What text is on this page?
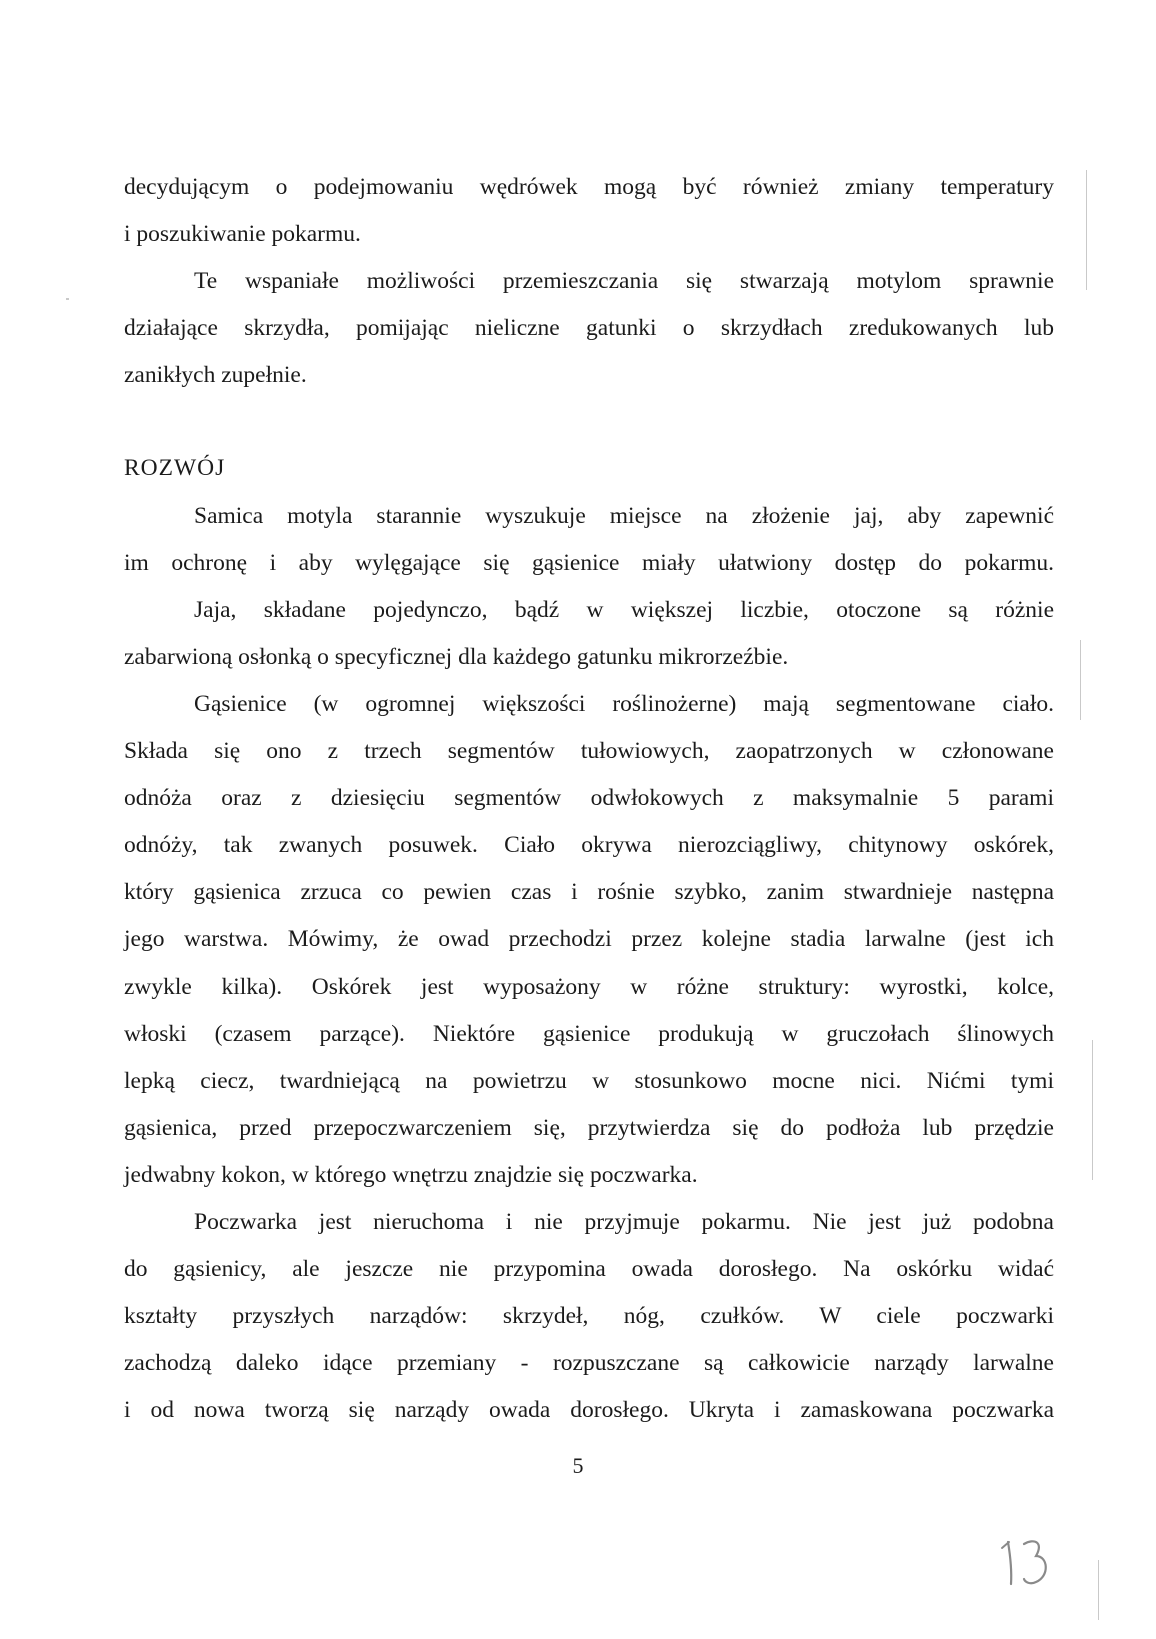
decydującym o podejmowaniu wędrówek mogą być również zmiany temperatury
i poszukiwanie pokarmu.
Te wspaniałe możliwości przemieszczania się stwarzają motylom sprawnie
działające skrzydła, pomijając nieliczne gatunki o skrzydłach zredukowanych lub
zanikłych zupełnie.
ROZWÓJ
Samica motyla starannie wyszukuje miejsce na złożenie jaj, aby zapewnić
im ochronę i aby wylęgające się gąsienice miały ułatwiony dostęp do pokarmu.
Jaja, składane pojedynczo, bądź w większej liczbie, otoczone są różnie
zabarwioną osłonką o specyficznej dla każdego gatunku mikrorzeźbie.
Gąsienice (w ogromnej większości roślinożerne) mają segmentowane ciało.
Składa się ono z trzech segmentów tułowiowych, zaopatrzonych w członowane
odnóża oraz z dziesięciu segmentów odwłokowych z maksymalnie 5 parami
odnóży, tak zwanych posuwek. Ciało okrywa nierozciągliwy, chitynowy oskórek,
który gąsienica zrzuca co pewien czas i rośnie szybko, zanim stwardnieje następna
jego warstwa. Mówimy, że owad przechodzi przez kolejne stadia larwalne (jest ich
zwykle kilka). Oskórek jest wyposażony w różne struktury: wyrostki, kolce,
włoski (czasem parzące). Niektóre gąsienice produkują w gruczołach ślinowych
lepką ciecz, twardniejącą na powietrzu w stosunkowo mocne nici. Nićmi tymi
gąsienica, przed przepoczwarczeniem się, przytwierdza się do podłoża lub przędzie
jedwabny kokon, w którego wnętrzu znajdzie się poczwarka.
Poczwarka jest nieruchoma i nie przyjmuje pokarmu. Nie jest już podobna
do gąsienicy, ale jeszcze nie przypomina owada dorosłego. Na oskórku widać
kształty przyszłych narządów: skrzydeł, nóg, czułków. W ciele poczwarki
zachodzą daleko idące przemiany - rozpuszczane są całkowicie narządy larwalne
i od nowa tworzą się narządy owada dorosłego. Ukryta i zamaskowana poczwarka
5
